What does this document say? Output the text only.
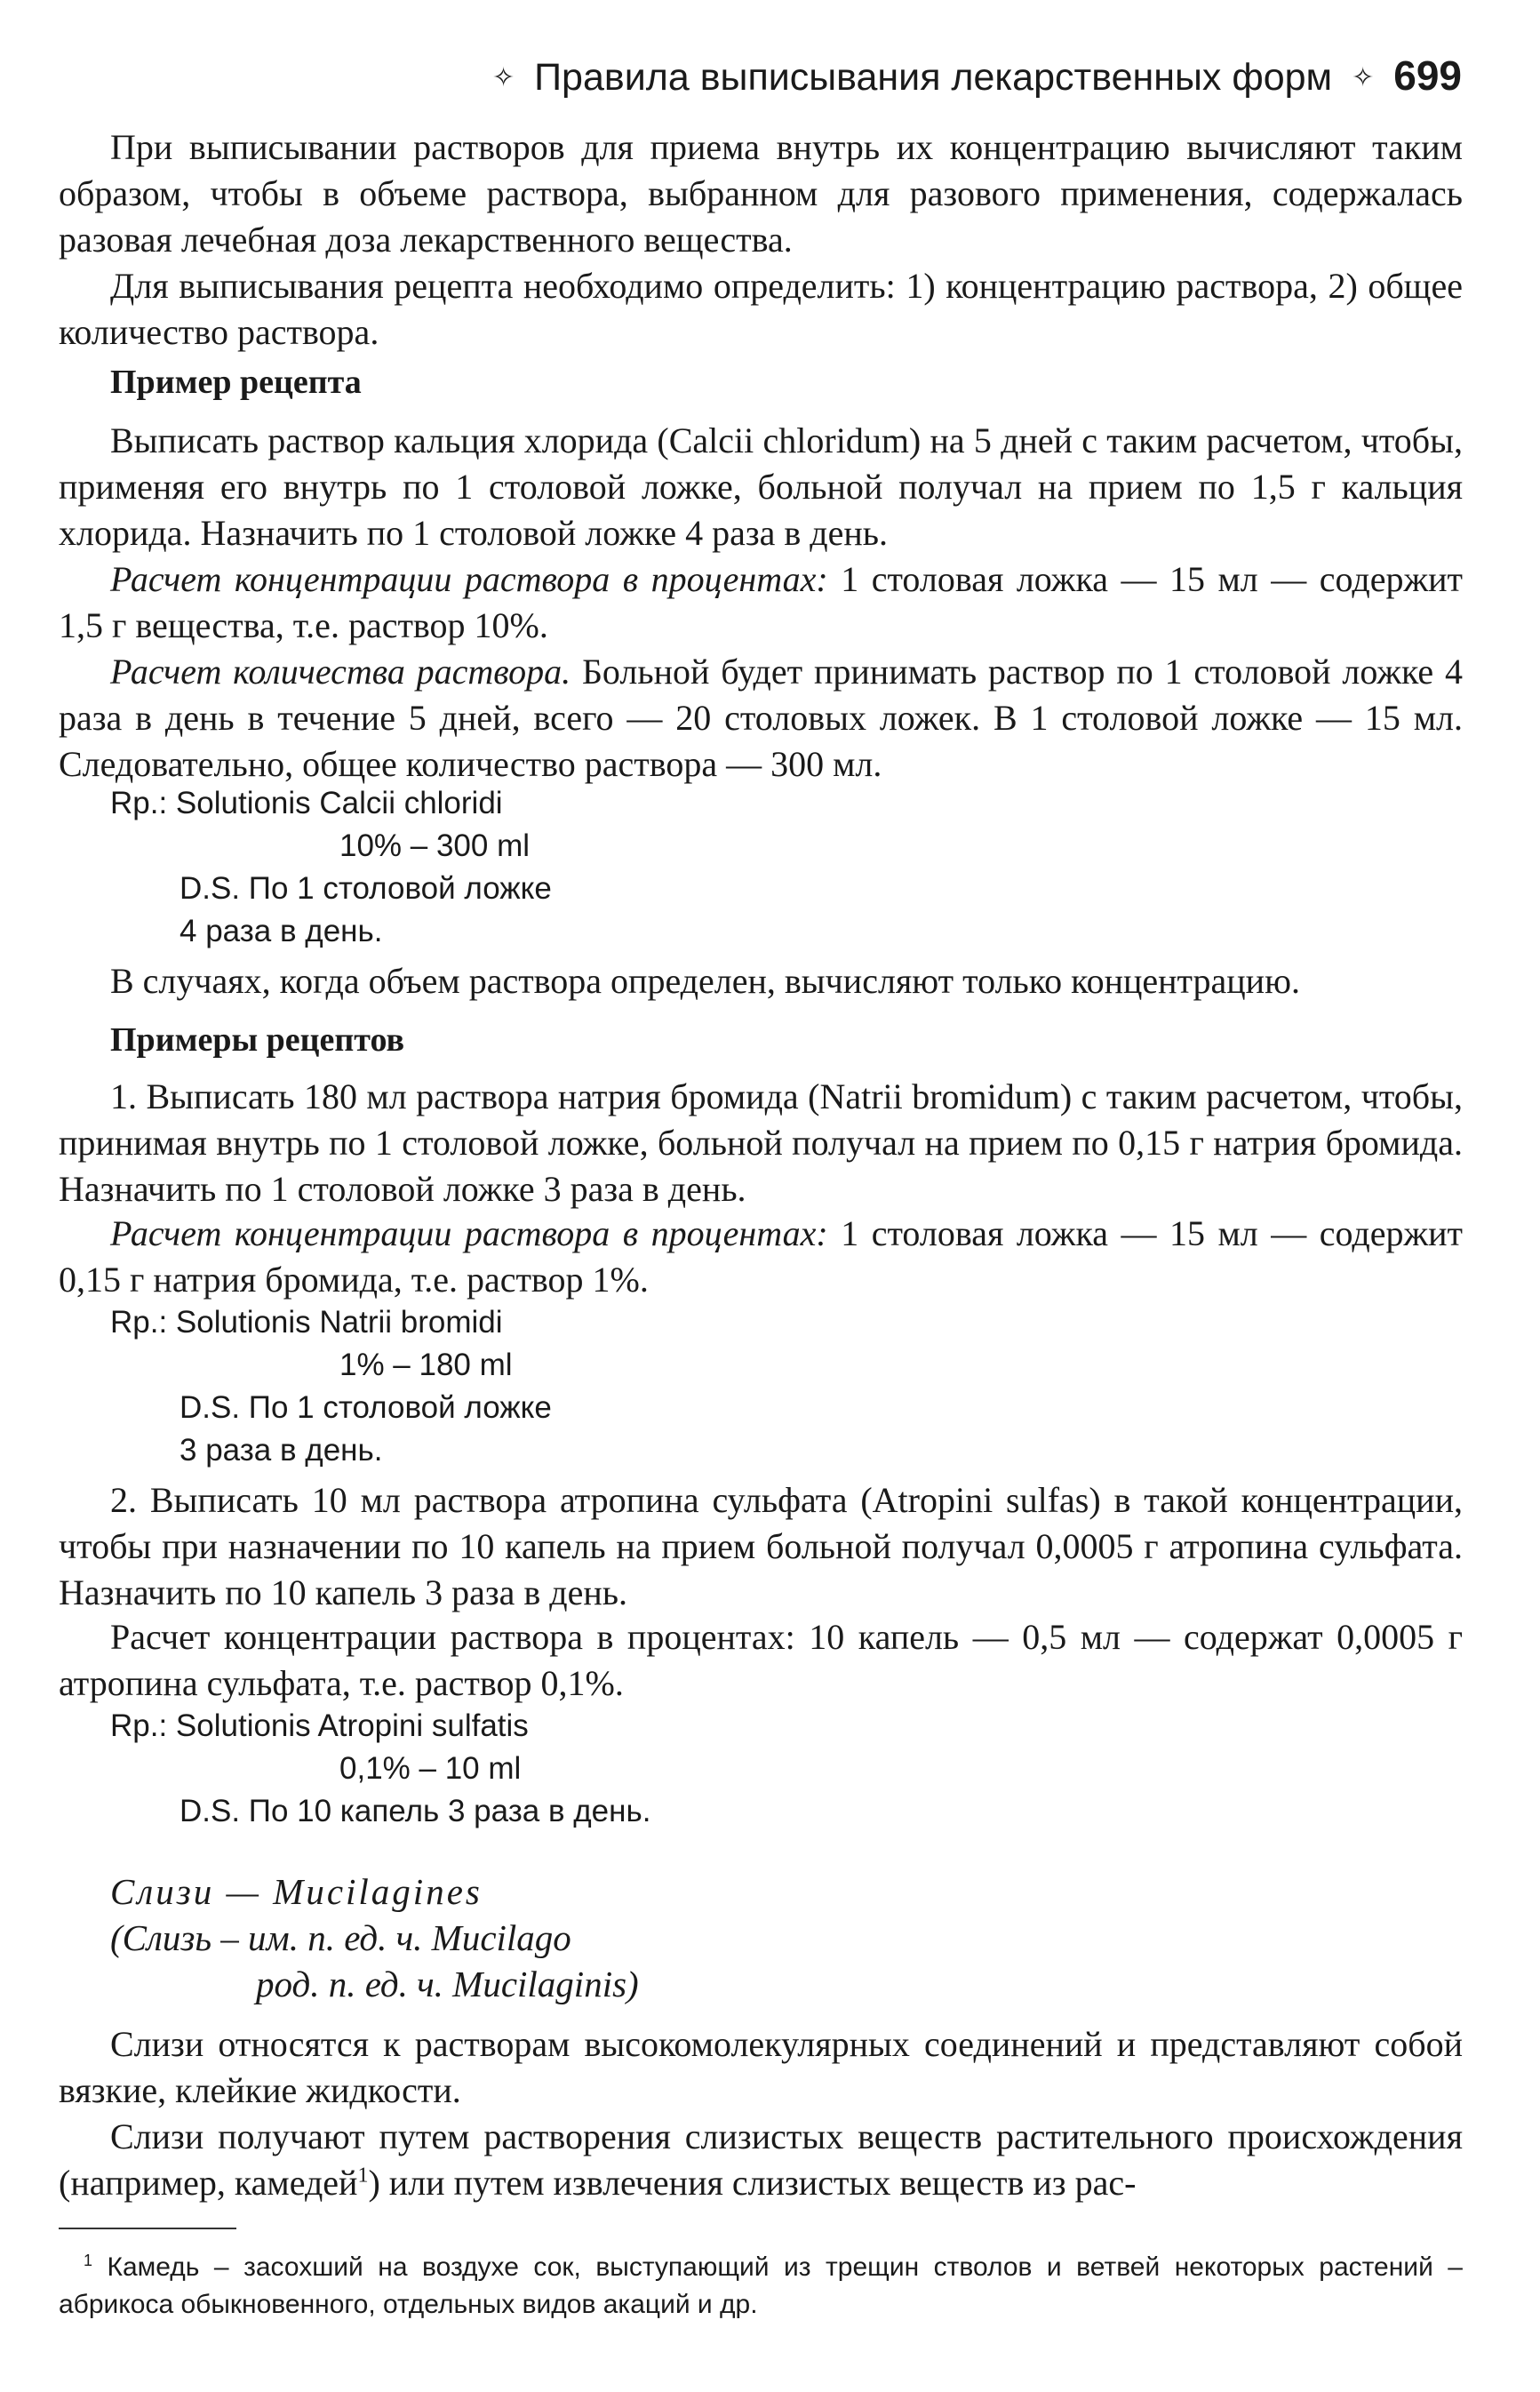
✧ Правила выписывания лекарственных форм ✧ 699

При выписывании растворов для приема внутрь их концентрацию вычисляют таким образом, чтобы в объеме раствора, выбранном для разового применения, содержалась разовая лечебная доза лекарственного вещества.

Для выписывания рецепта необходимо определить: 1) концентрацию раствора, 2) общее количество раствора.

Пример рецепта

Выписать раствор кальция хлорида (Calcii chloridum) на 5 дней с таким расчетом, чтобы, применяя его внутрь по 1 столовой ложке, больной получал на прием по 1,5 г кальция хлорида. Назначить по 1 столовой ложке 4 раза в день.

Расчет концентрации раствора в процентах: 1 столовая ложка — 15 мл — содержит 1,5 г вещества, т.е. раствор 10%.

Расчет количества раствора. Больной будет принимать раствор по 1 столовой ложке 4 раза в день в течение 5 дней, всего — 20 столовых ложек. В 1 столовой ложке — 15 мл. Следовательно, общее количество раствора — 300 мл.

Rp.: Solutionis Calcii chloridi

10% – 300 ml

D.S. По 1 столовой ложке

4 раза в день.

В случаях, когда объем раствора определен, вычисляют только концентрацию.

Примеры рецептов

1. Выписать 180 мл раствора натрия бромида (Natrii bromidum) с таким расчетом, чтобы, принимая внутрь по 1 столовой ложке, больной получал на прием по 0,15 г натрия бромида. Назначить по 1 столовой ложке 3 раза в день.

Расчет концентрации раствора в процентах: 1 столовая ложка — 15 мл — содержит 0,15 г натрия бромида, т.е. раствор 1%.

Rp.: Solutionis Natrii bromidi

1% – 180 ml

D.S. По 1 столовой ложке

3 раза в день.

2. Выписать 10 мл раствора атропина сульфата (Atropini sulfas) в такой концентрации, чтобы при назначении по 10 капель на прием больной получал 0,0005 г атропина сульфата. Назначить по 10 капель 3 раза в день.

Расчет концентрации раствора в процентах: 10 капель — 0,5 мл — содержат 0,0005 г атропина сульфата, т.е. раствор 0,1%.

Rp.: Solutionis Atropini sulfatis

0,1% – 10 ml

D.S. По 10 капель 3 раза в день.

Слизи — Mucilagines
(Слизь – им. п. ед. ч. Mucilago
род. п. ед. ч. Mucilaginis)

Слизи относятся к растворам высокомолекулярных соединений и представляют собой вязкие, клейкие жидкости.

Слизи получают путем растворения слизистых веществ растительного происхождения (например, камедей$^1$) или путем извлечения слизистых веществ из рас-

$^1$ Камедь – засохший на воздухе сок, выступающий из трещин стволов и ветвей некоторых растений – абрикоса обыкновенного, отдельных видов акаций и др.
